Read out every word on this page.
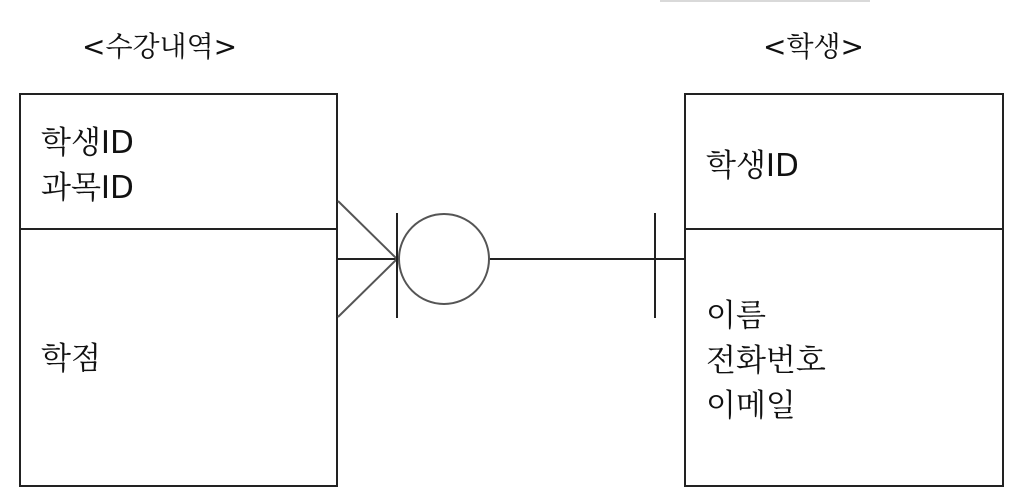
<수강내역>
학생ID
과목ID
학점
<학생>
학생ID
이름
전화번호
이메일
